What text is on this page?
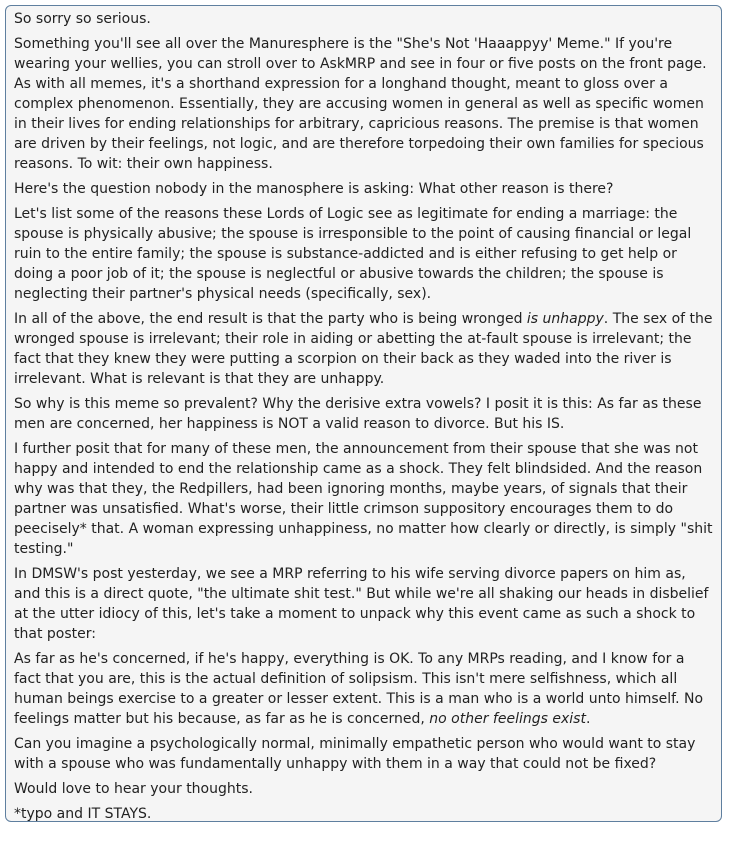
So sorry so serious.

Something you'll see all over the Manuresphere is the "She's Not 'Haaappyy' Meme." If you're wearing your wellies, you can stroll over to AskMRP and see in four or five posts on the front page. As with all memes, it's a shorthand expression for a longhand thought, meant to gloss over a complex phenomenon. Essentially, they are accusing women in general as well as specific women in their lives for ending relationships for arbitrary, capricious reasons. The premise is that women are driven by their feelings, not logic, and are therefore torpedoing their own families for specious reasons. To wit: their own happiness.

Here's the question nobody in the manosphere is asking: What other reason is there?

Let's list some of the reasons these Lords of Logic see as legitimate for ending a marriage: the spouse is physically abusive; the spouse is irresponsible to the point of causing financial or legal ruin to the entire family; the spouse is substance-addicted and is either refusing to get help or doing a poor job of it; the spouse is neglectful or abusive towards the children; the spouse is neglecting their partner's physical needs (specifically, sex).

In all of the above, the end result is that the party who is being wronged is unhappy. The sex of the wronged spouse is irrelevant; their role in aiding or abetting the at-fault spouse is irrelevant; the fact that they knew they were putting a scorpion on their back as they waded into the river is irrelevant. What is relevant is that they are unhappy.

So why is this meme so prevalent? Why the derisive extra vowels? I posit it is this: As far as these men are concerned, her happiness is NOT a valid reason to divorce. But his IS.

I further posit that for many of these men, the announcement from their spouse that she was not happy and intended to end the relationship came as a shock. They felt blindsided. And the reason why was that they, the Redpillers, had been ignoring months, maybe years, of signals that their partner was unsatisfied. What's worse, their little crimson suppository encourages them to do peecisely* that. A woman expressing unhappiness, no matter how clearly or directly, is simply "shit testing."

In DMSW's post yesterday, we see a MRP referring to his wife serving divorce papers on him as, and this is a direct quote, "the ultimate shit test." But while we're all shaking our heads in disbelief at the utter idiocy of this, let's take a moment to unpack why this event came as such a shock to that poster:

As far as he's concerned, if he's happy, everything is OK. To any MRPs reading, and I know for a fact that you are, this is the actual definition of solipsism. This isn't mere selfishness, which all human beings exercise to a greater or lesser extent. This is a man who is a world unto himself. No feelings matter but his because, as far as he is concerned, no other feelings exist.

Can you imagine a psychologically normal, minimally empathetic person who would want to stay with a spouse who was fundamentally unhappy with them in a way that could not be fixed?

Would love to hear your thoughts.

*typo and IT STAYS.
